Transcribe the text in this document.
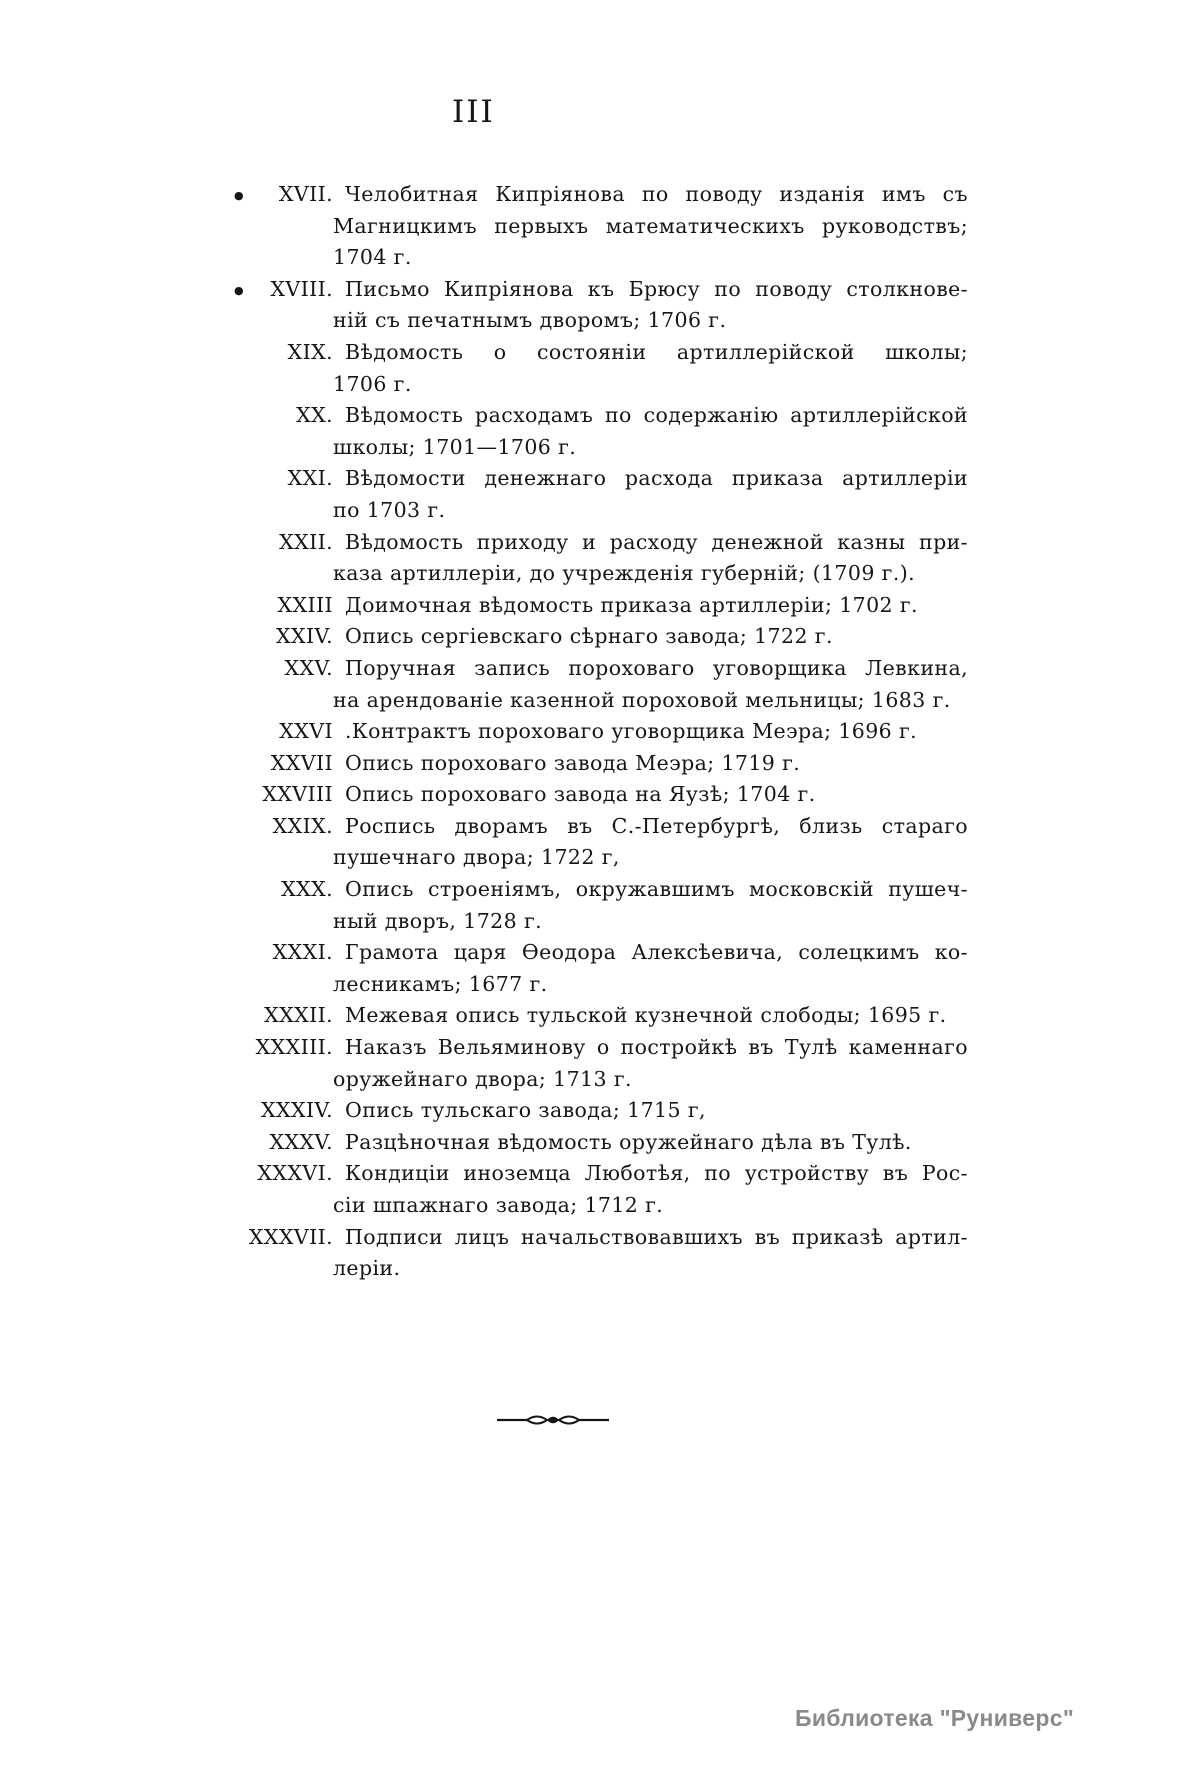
III
●	XVII. Челобитная Кипріянова по поводу изданія имъ съ
Магницкимъ первыхъ математическихъ руководствъ;
1704 г.
●	XVIII. Письмо Кипріянова къ Брюсу по поводу столкнове-
ній съ печатнымъ дворомъ; 1706 г.
XIX. Вѣдомость о состояніи артиллерійской школы;
1706 г.
XX. Вѣдомость расходамъ по содержанію артиллерійской
школы; 1701—1706 г.
XXI. Вѣдомости денежнаго расхода приказа артиллеріи
по 1703 г.
XXII. Вѣдомость приходу и расходу денежной казны при-
каза артиллеріи, до учрежденія губерній; (1709 г.).
XXIII Доимочная вѣдомость приказа артиллеріи; 1702 г.
XXIV. Опись сергіевскаго сѣрнаго завода; 1722 г.
XXV. Поручная запись пороховаго уговорщика Левкина,
на арендованіе казенной пороховой мельницы; 1683 г.
XXVI .Контрактъ пороховаго уговорщика Меэра; 1696 г.
XXVII Опись пороховаго завода Меэра; 1719 г.
XXVIII Опись пороховаго завода на Яузѣ; 1704 г.
XXIX. Роспись дворамъ въ С.-Петербургѣ, близь стараго
пушечнаго двора; 1722 г,
XXX. Опись строеніямъ, окружавшимъ московскій пушеч-
ный дворъ, 1728 г.
XXXI. Грамота царя Ѳеодора Алексѣевича, солецкимъ ко-
лесникамъ; 1677 г.
XXXII. Межевая опись тульской кузнечной слободы; 1695 г.
XXXIII. Наказъ Вельяминову о постройкѣ въ Тулѣ каменнаго
оружейнаго двора; 1713 г.
XXXIV. Опись тульскаго завода; 1715 г,
XXXV. Разцѣночная вѣдомость оружейнаго дѣла въ Тулѣ.
XXXVI. Кондиціи иноземца Люботѣя, по устройству въ Рос-
сіи шпажнаго завода; 1712 г.
XXXVII. Подписи лицъ начальствовавшихъ въ приказѣ артил-
леріи.
Библиотека "Руниверс"
